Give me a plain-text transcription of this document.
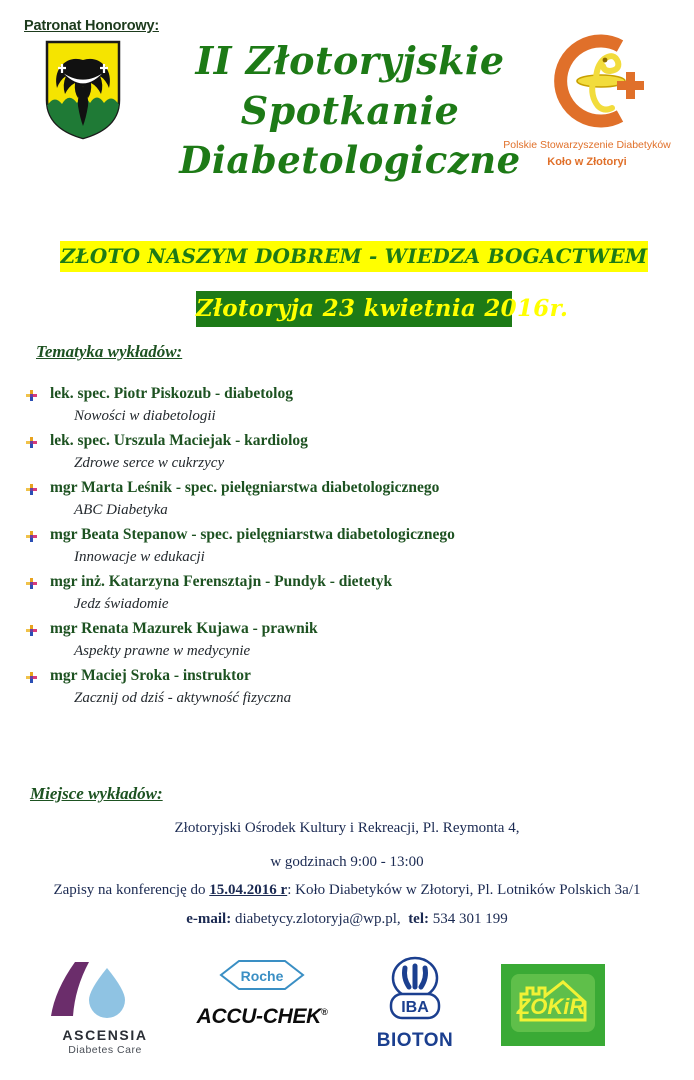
Patronat Honorowy:
Polskie Stowarzyszenie Diabetyków
Koło w Złotoryi
II Złotoryjskie
Spotkanie
Diabetologiczne
ZŁOTO NASZYM DOBREM - WIEDZA BOGACTWEM
Złotoryja 23 kwietnia 2016r.
Tematyka wykładów:
lek. spec. Piotr Piskozub - diabetolog
Nowości w diabetologii
lek. spec. Urszula Maciejak - kardiolog
Zdrowe serce w cukrzycy
mgr Marta Leśnik - spec. pielęgniarstwa diabetologicznego
ABC Diabetyka
mgr Beata Stepanow - spec. pielęgniarstwa diabetologicznego
Innowacje w edukacji
mgr inż. Katarzyna Ferensztajn - Pundyk - dietetyk
Jedz świadomie
mgr Renata Mazurek Kujawa - prawnik
Aspekty prawne w medycynie
mgr Maciej Sroka - instruktor
Zacznij od dziś - aktywność fizyczna
Miejsce wykładów:
Złotoryjski Ośrodek Kultury i Rekreacji, Pl. Reymonta 4,
w godzinach 9:00 - 13:00
Zapisy na konferencję do 15.04.2016 r: Koło Diabetyków w Złotoryi, Pl. Lotników Polskich 3a/1
e-mail: diabetycy.zlotoryja@wp.pl, tel: 534 301 199
ASCENSIA
Diabetes Care
Roche
ACCU-CHEK®	IBA
BIOTON
ZOKiR
